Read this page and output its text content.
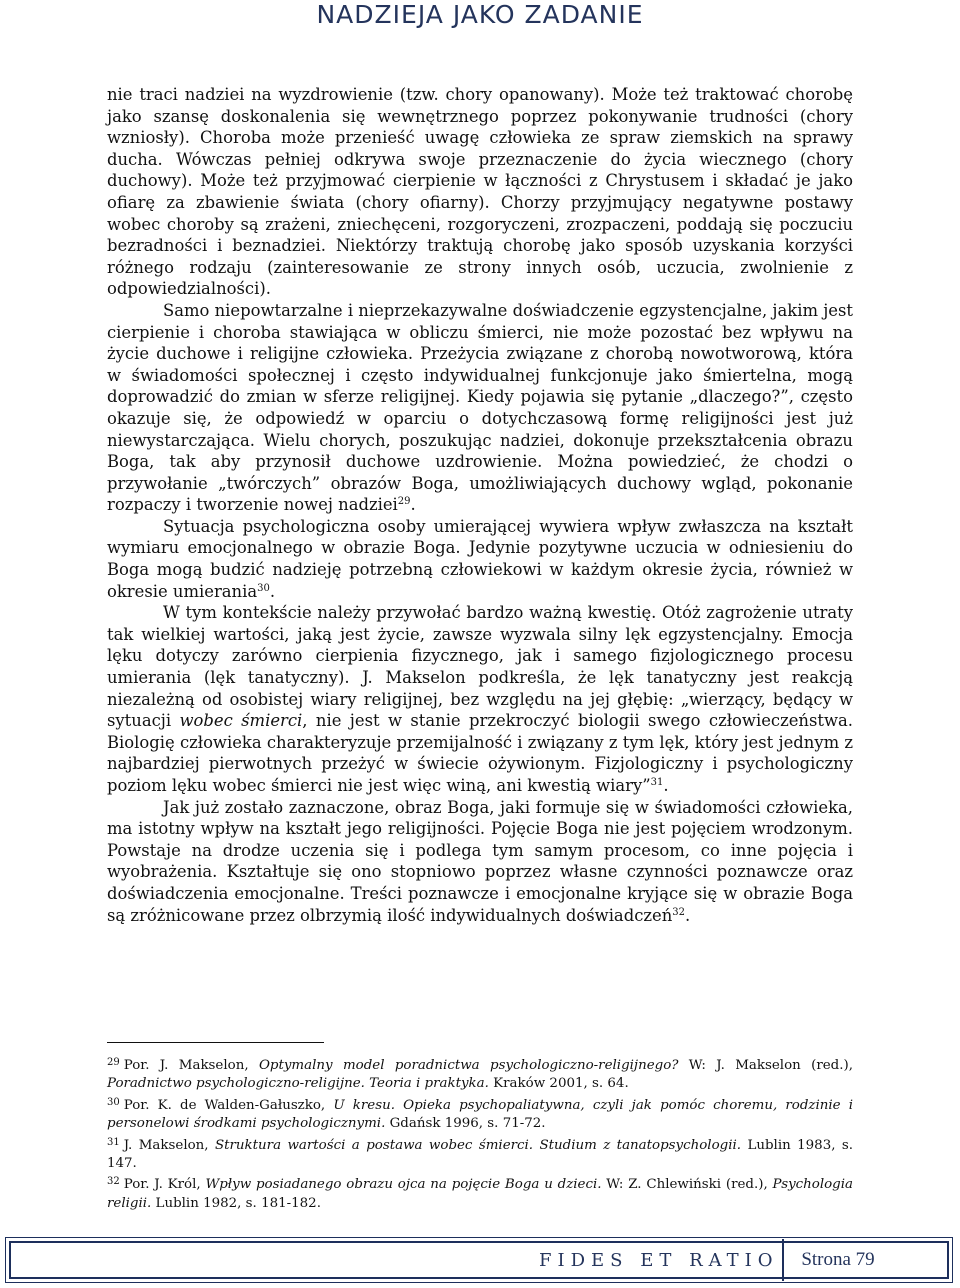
NADZIEJA JAKO ZADANIE

nie traci nadziei na wyzdrowienie (tzw. chory opanowany). Może też traktować chorobę jako szansę doskonalenia się wewnętrznego poprzez pokonywanie trudności (chory wzniosły). Choroba może przenieść uwagę człowieka ze spraw ziemskich na sprawy ducha. Wówczas pełniej odkrywa swoje przeznaczenie do życia wiecznego (chory duchowy). Może też przyjmować cierpienie w łączności z Chrystusem i składać je jako ofiarę za zbawienie świata (chory ofiarny). Chorzy przyjmujący negatywne postawy wobec choroby są zrażeni, zniechęceni, rozgoryczeni, zrozpaczeni, poddają się poczuciu bezradności i beznadziei. Niektórzy traktują chorobę jako sposób uzyskania korzyści różnego rodzaju (zainteresowanie ze strony innych osób, uczucia, zwolnienie z odpowiedzialności).

Samo niepowtarzalne i nieprzekazywalne doświadczenie egzystencjalne, jakim jest cierpienie i choroba stawiająca w obliczu śmierci, nie może pozostać bez wpływu na życie duchowe i religijne człowieka. Przeżycia związane z chorobą nowotworową, która w świadomości społecznej i często indywidualnej funkcjonuje jako śmiertelna, mogą doprowadzić do zmian w sferze religijnej. Kiedy pojawia się pytanie „dlaczego?”, często okazuje się, że odpowiedź w oparciu o dotychczasową formę religijności jest już niewystarczająca. Wielu chorych, poszukując nadziei, dokonuje przekształcenia obrazu Boga, tak aby przynosił duchowe uzdrowienie. Można powiedzieć, że chodzi o przywołanie „twórczych” obrazów Boga, umożliwiających duchowy wgląd, pokonanie rozpaczy i tworzenie nowej nadziei$^{29}$.

Sytuacja psychologiczna osoby umierającej wywiera wpływ zwłaszcza na kształt wymiaru emocjonalnego w obrazie Boga. Jedynie pozytywne uczucia w odniesieniu do Boga mogą budzić nadzieję potrzebną człowiekowi w każdym okresie życia, również w okresie umierania$^{30}$.

W tym kontekście należy przywołać bardzo ważną kwestię. Otóż zagrożenie utraty tak wielkiej wartości, jaką jest życie, zawsze wyzwala silny lęk egzystencjalny. Emocja lęku dotyczy zarówno cierpienia fizycznego, jak i samego fizjologicznego procesu umierania (lęk tanatyczny). J. Makselon podkreśla, że lęk tanatyczny jest reakcją niezależną od osobistej wiary religijnej, bez względu na jej głębię: „wierzący, będący w sytuacji wobec śmierci, nie jest w stanie przekroczyć biologii swego człowieczeństwa. Biologię człowieka charakteryzuje przemijalność i związany z tym lęk, który jest jednym z najbardziej pierwotnych przeżyć w świecie ożywionym. Fizjologiczny i psychologiczny poziom lęku wobec śmierci nie jest więc winą, ani kwestią wiary”$^{31}$.

Jak już zostało zaznaczone, obraz Boga, jaki formuje się w świadomości człowieka, ma istotny wpływ na kształt jego religijności. Pojęcie Boga nie jest pojęciem wrodzonym. Powstaje na drodze uczenia się i podlega tym samym procesom, co inne pojęcia i wyobrażenia. Kształtuje się ono stopniowo poprzez własne czynności poznawcze oraz doświadczenia emocjonalne. Treści poznawcze i emocjonalne kryjące się w obrazie Boga są zróżnicowane przez olbrzymią ilość indywidualnych doświadczeń$^{32}$.

$^{29}$ Por. J. Makselon, Optymalny model poradnictwa psychologiczno-religijnego? W: J. Makselon (red.), Poradnictwo psychologiczno-religijne. Teoria i praktyka. Kraków 2001, s. 64.

$^{30}$ Por. K. de Walden-Gałuszko, U kresu. Opieka psychopaliatywna, czyli jak pomóc choremu, rodzinie i personelowi środkami psychologicznymi. Gdańsk 1996, s. 71-72.

$^{31}$ J. Makselon, Struktura wartości a postawa wobec śmierci. Studium z tanatopsychologii. Lublin 1983, s. 147.

$^{32}$ Por. J. Król, Wpływ posiadanego obrazu ojca na pojęcie Boga u dzieci. W: Z. Chlewiński (red.), Psychologia religii. Lublin 1982, s. 181-182.

FIDES ET RATIO	Strona 79
